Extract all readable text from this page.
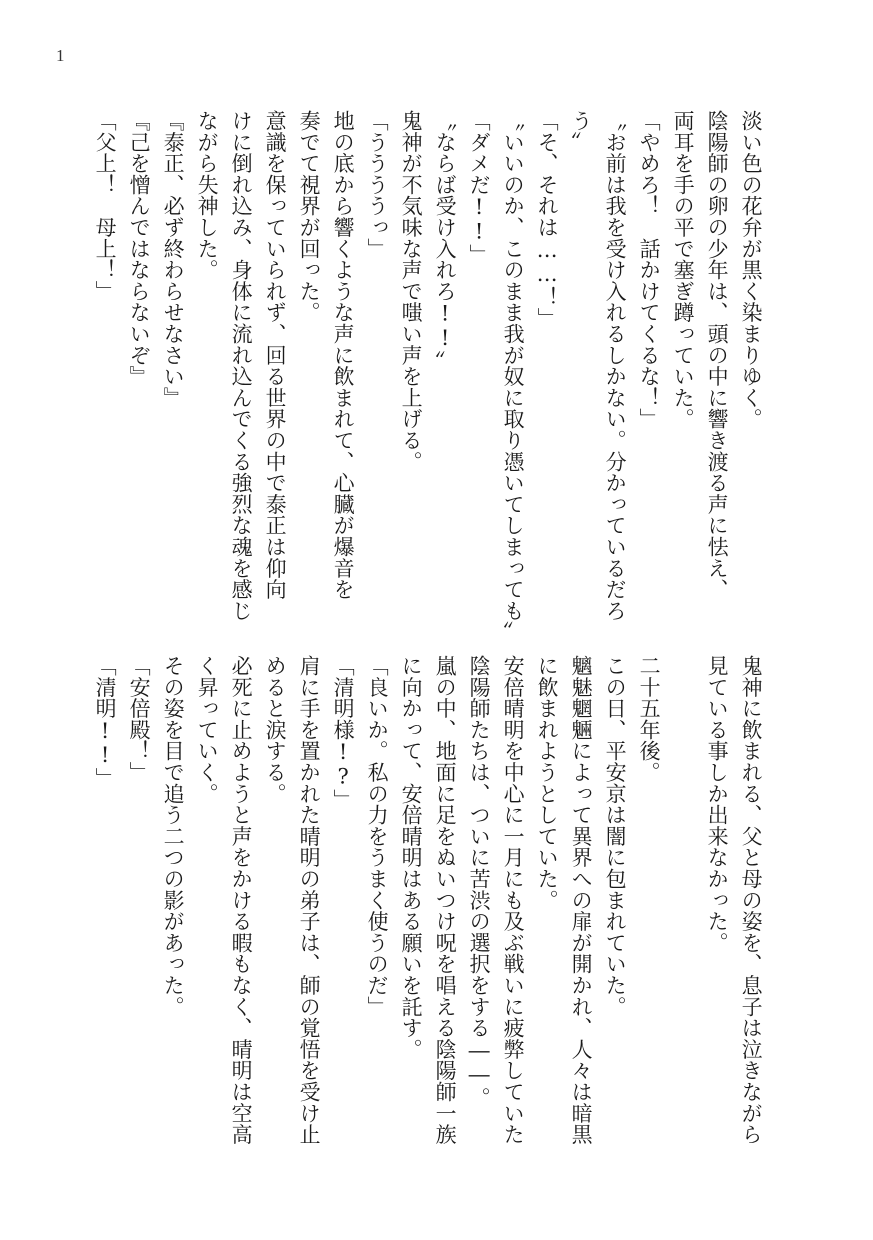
1
淡い色の花弁が黒く染まりゆく。
陰陽師の卵の少年は、頭の中に響き渡る声に怯え、
両耳を手の平で塞ぎ蹲っていた。
「やめろ！　話かけてくるな！」
〝お前は我を受け入れるしかない。分かっているだろ
う〟
「そ、それは……！」
〝いいのか、このまま我が奴に取り憑いてしまっても〟
「ダメだ!!」
〝ならば受け入れろ!!〟
鬼神が不気味な声で嗤い声を上げる。
「ううううっ」
地の底から響くような声に飲まれて、心臓が爆音を
奏でて視界が回った。
意識を保っていられず、回る世界の中で泰正は仰向
けに倒れ込み、身体に流れ込んでくる強烈な魂を感じ
ながら失神した。
『泰正、必ず終わらせなさい』
『己を憎んではならないぞ』
「父上！　母上！」
鬼神に飲まれる、父と母の姿を、息子は泣きながら
見ている事しか出来なかった。
二十五年後。
この日、平安京は闇に包まれていた。
魑魅魍魎によって異界への扉が開かれ、人々は暗黒
に飲まれようとしていた。
安倍晴明を中心に一月にも及ぶ戦いに疲弊していた
陰陽師たちは、ついに苦渋の選択をする――。
嵐の中、地面に足をぬいつけ呪を唱える陰陽師一族
に向かって、安倍晴明はある願いを託す。
「良いか。私の力をうまく使うのだ」
「清明様!?」
肩に手を置かれた晴明の弟子は、師の覚悟を受け止
めると涙する。
必死に止めようと声をかける暇もなく、晴明は空高
く昇っていく。
その姿を目で追う二つの影があった。
「安倍殿！」
「清明!!」
